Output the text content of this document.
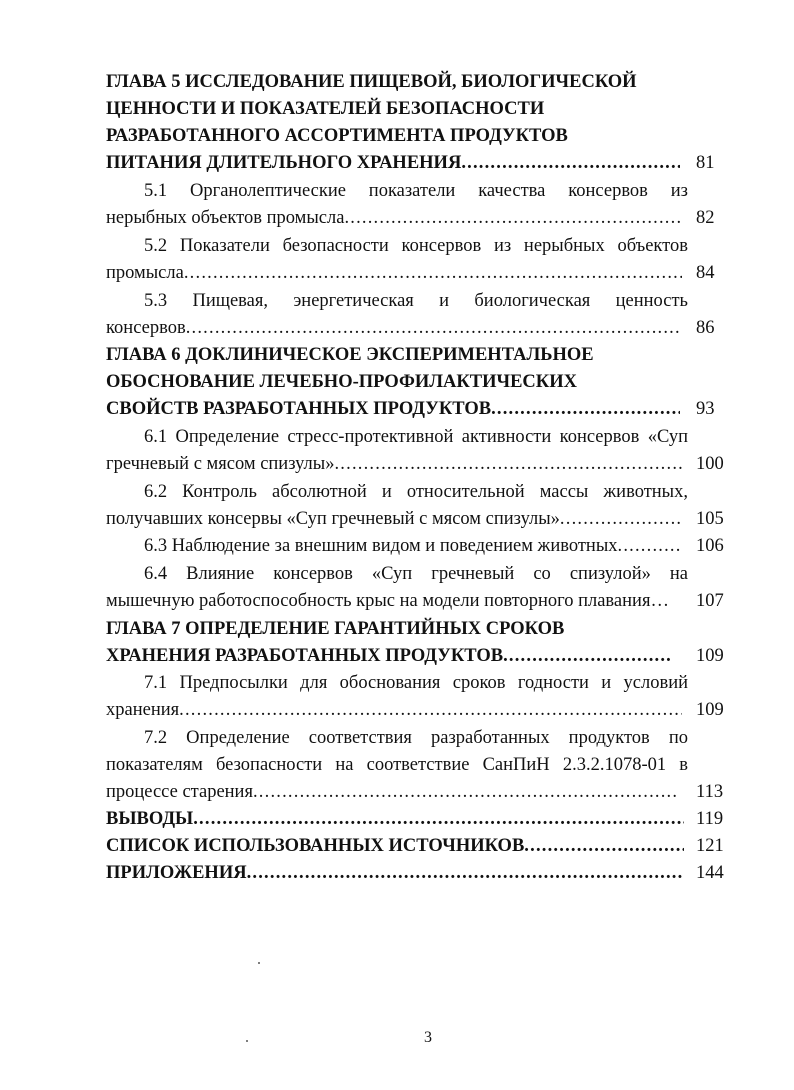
ГЛАВА 5 ИССЛЕДОВАНИЕ ПИЩЕВОЙ, БИОЛОГИЧЕСКОЙ
ЦЕННОСТИ И ПОКАЗАТЕЛЕЙ БЕЗОПАСНОСТИ
РАЗРАБОТАННОГО АССОРТИМЕНТА ПРОДУКТОВ
ПИТАНИЯ ДЛИТЕЛЬНОГО ХРАНЕНИЯ .....	81
5.1 Органолептические показатели качества консервов из
нерыбных объектов промысла .....	82
5.2 Показатели безопасности консервов из нерыбных объектов
промысла .....	84
5.3 Пищевая, энергетическая и биологическая ценность
консервов .....	86
ГЛАВА 6 ДОКЛИНИЧЕСКОЕ ЭКСПЕРИМЕНТАЛЬНОЕ
ОБОСНОВАНИЕ ЛЕЧЕБНО-ПРОФИЛАКТИЧЕСКИХ
СВОЙСТВ РАЗРАБОТАННЫХ ПРОДУКТОВ .....	93
6.1 Определение стресс-протективной активности консервов «Суп
гречневый с мясом спизулы» .....	100
6.2 Контроль абсолютной и относительной массы животных,
получавших консервы «Суп гречневый с мясом спизулы» .....	105
6.3 Наблюдение за внешним видом и поведением животных .....	106
6.4 Влияние консервов «Суп гречневый со спизулой» на
мышечную работоспособность крыс на модели повторного плавания…	107
ГЛАВА 7 ОПРЕДЕЛЕНИЕ ГАРАНТИЙНЫХ СРОКОВ
ХРАНЕНИЯ РАЗРАБОТАННЫХ ПРОДУКТОВ .....	109
7.1 Предпосылки для обоснования сроков годности и условий
хранения .....	109
7.2 Определение соответствия разработанных продуктов по
показателям безопасности на соответствие СанПиН 2.3.2.1078-01 в
процессе старения .....	113
ВЫВОДЫ .....	119
СПИСОК ИСПОЛЬЗОВАННЫХ ИСТОЧНИКОВ .....	121
ПРИЛОЖЕНИЯ .....	144
3
